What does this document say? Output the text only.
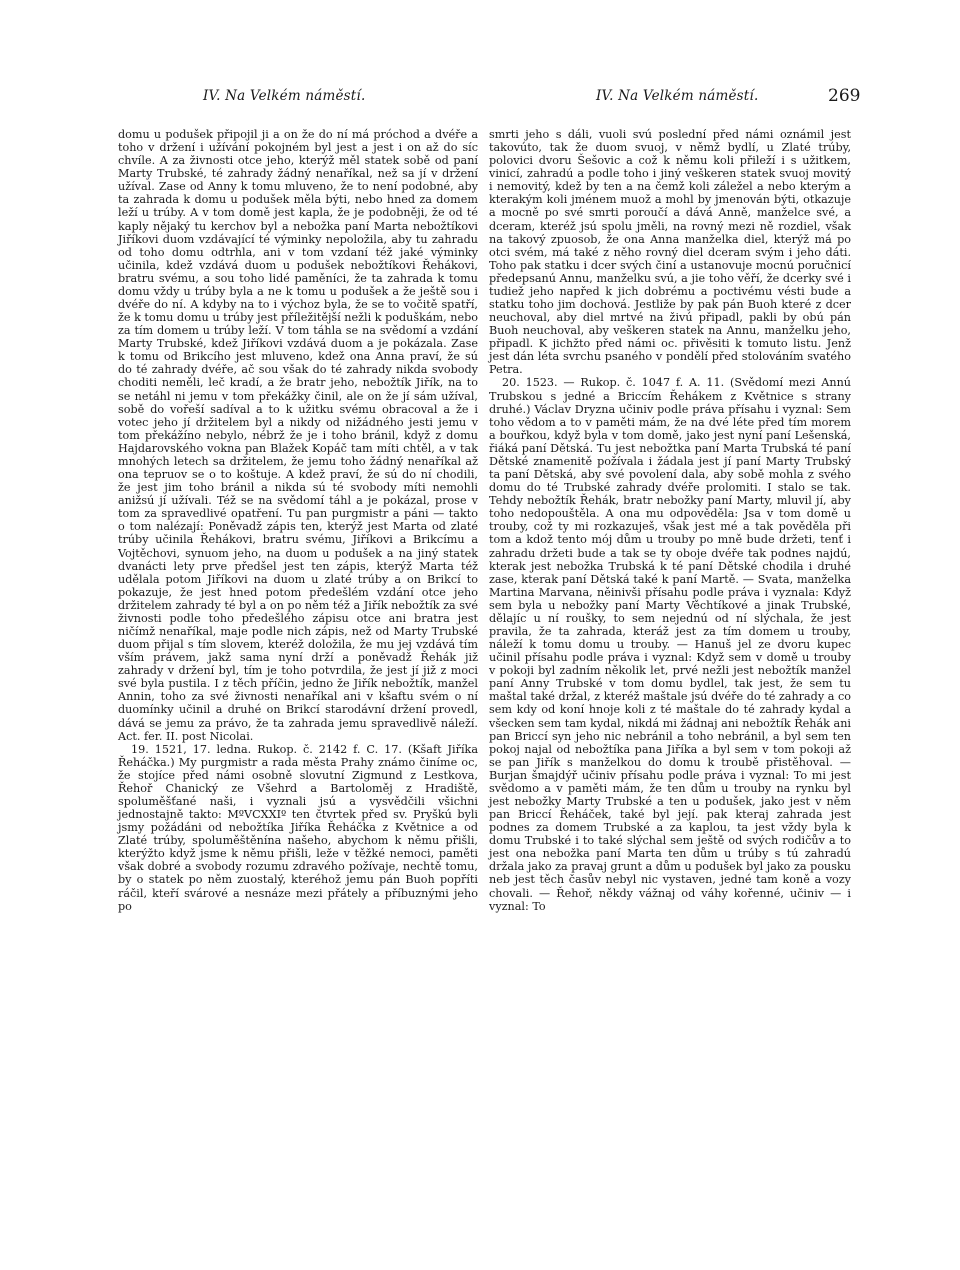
IV. Na Velkém náměstí.	IV. Na Velkém náměstí.	269

domu u podušek připojil ji a on že do ní má próchod a dvéře a toho v držení i užívání pokojném byl jest a jest i on až do síc chvíle. A za živnosti otce jeho, kterýž měl statek sobě od paní Marty Trubské, té zahrady žádný nenaříkal, než sa jí v držení užíval. Zase od Anny k tomu mluveno, že to není podobné, aby ta zahrada k domu u podušek měla býti, nebo hned za domem leží u trúby. A v tom domě jest kapla, že je podobněji, že od té kaply nějaký tu kerchov byl a nebožka paní Marta nebožtíkovi Jiříkovi duom vzdávající té výminky nepoložila, aby tu zahradu od toho domu odtrhla, ani v tom vzdaní též jaké výminky učinila, kdež vzdává duom u podušek nebožtíkovi Řehákovi, bratru svému, a sou toho lidé paměníci, že ta zahrada k tomu domu vždy u trúby byla a ne k tomu u podušek a že ještě sou i dvéře do ní. A kdyby na to i výchoz byla, že se to vočitě spatří, že k tomu domu u trúby jest příležitější nežli k poduškám, nebo za tím domem u trúby leží. V tom táhla se na svědomí a vzdání Marty Trubské, kdež Jiříkovi vzdává duom a je pokázala. Zase k tomu od Brikcího jest mluveno, kdež ona Anna praví, že sú do té zahrady dvéře, ač sou však do té zahrady nikda svobody choditi neměli, leč kradí, a že bratr jeho, nebožtík Jiřík, na to se netáhl ni jemu v tom překážky činil, ale on že jí sám užíval, sobě do vořeší sadíval a to k užitku svému obracoval a že i votec jeho jí držitelem byl a nikdy od nižádného jesti jemu v tom překážíno nebylo, nébrž že je i toho bránil, když z domu Hajdarovského vokna pan Blažek Kopáč tam míti chtěl, a v tak mnohých letech sa držitelem, že jemu toho žádný nenaříkal až ona tepruov se o to koštuje. A kdež praví, že sú do ní chodili, že jest jim toho bránil a nikda sú té svobody míti nemohli anižsú jí užívali. Též se na svědomí táhl a je pokázal, prose v tom za spravedlivé opatření. Tu pan purgmistr a páni — takto o tom nalézají: Poněvadž zápis ten, kterýž jest Marta od zlaté trúby učinila Řehákovi, bratru svému, Jiříkovi a Brikcímu a Vojtěchovi, synuom jeho, na duom u podušek a na jiný statek dvanácti lety prve předšel jest ten zápis, kterýž Marta též udělala potom Jiříkovi na duom u zlaté trúby a on Brikcí to pokazuje, že jest hned potom předešlém vzdání otce jeho držitelem zahrady té byl a on po něm též a Jiřík nebožtík za své živnosti podle toho předešlého zápisu otce ani bratra jest ničímž nenaříkal, maje podle nich zápis, než od Marty Trubské duom přijal s tím slovem, kteréž doložila, že mu jej vzdává tím vším právem, jakž sama nyní drží a poněvadž Řehák již zahrady v držení byl, tím je toho potvrdila, že jest jí již z moci své byla pustila. I z těch příčin, jedno že Jiřík nebožtík, manžel Annin, toho za své živnosti nenaříkal ani v kšaftu svém o ní duomínky učinil a druhé on Brikcí starodávní držení provedl, dává se jemu za právo, že ta zahrada jemu spravedlivě náleží. Act. fer. II. post Nicolai.

19. 1521, 17. ledna. Rukop. č. 2142 f. C. 17. (Kšaft Jiříka Řeháčka.) My purgmistr a rada města Prahy známo činíme oc, že stojíce před námi osobně slovutní Zigmund z Lestkova, Řehoř Chanický ze Všehrd a Bartoloměj z Hradiště, spoluměšťané naši, i vyznali jsú a vysvědčili všichni jednostajně takto: MºVCXXIº ten čtvrtek před sv. Pryškú byli jsmy požádáni od nebožtíka Jiříka Řeháčka z Květnice a od Zlaté trúby, spoluměštěnína našeho, abychom k němu přišli, kterýžto když jsme k němu přišli, leže v těžké nemoci, paměti však dobré a svobody rozumu zdravého požívaje, nechtě tomu, by o statek po něm zuostalý, kteréhož jemu pán Buoh popříti ráčil, kteří svárové a nesnáze mezi přátely a příbuznými jeho po

smrti jeho s dáli, vuoli svú poslední před námi oznámil jest takovúto, tak že duom svuoj, v němž bydlí, u Zlaté trúby, polovici dvoru Šešovic a což k němu koli přileží i s užitkem, vinicí, zahradú a podle toho i jiný veškeren statek svuoj movitý i nemovitý, kdež by ten a na čemž koli záležel a nebo kterým a kterakým koli jménem muož a mohl by jmenován býti, otkazuje a mocně po své smrti poroučí a dává Anně, manželce své, a dceram, kteréž jsú spolu jměli, na rovný mezi ně rozdiel, však na takový zpuosob, že ona Anna manželka diel, kterýž má po otci svém, má také z něho rovný diel dceram svým i jeho dáti. Toho pak statku i dcer svých činí a ustanovuje mocnú poručnicí předepsanú Annu, manželku svú, a jie toho věří, že dcerky své i tudiež jeho napřed k jich dobrému a poctivému vésti bude a statku toho jim dochová. Jestliže by pak pán Buoh které z dcer neuchoval, aby diel mrtvé na živú připadl, pakli by obú pán Buoh neuchoval, aby veškeren statek na Annu, manželku jeho, připadl. K jichžto před námi oc. přivěsiti k tomuto listu. Jenž jest dán léta svrchu psaného v pondělí před stolováním svatého Petra.

20. 1523. — Rukop. č. 1047 f. A. 11. (Svědomí mezi Annú Trubskou s jedné a Briccím Řehákem z Květnice s strany druhé.) Václav Dryzna učiniv podle práva přísahu i vyznal: Sem toho vědom a to v paměti mám, že na dvé léte před tím morem a bouřkou, když byla v tom domě, jako jest nyní paní Lešenská, řiáká paní Dětská. Tu jest nebožtka paní Marta Trubská té paní Dětské znamenitě požívala i žádala jest jí paní Marty Trubský ta paní Dětská, aby své povolení dala, aby sobě mohla z svého domu do té Trubské zahrady dvéře prolomiti. I stalo se tak. Tehdy nebožtík Řehák, bratr nebožky paní Marty, mluvil jí, aby toho nedopouštěla. A ona mu odpověděla: Jsa v tom domě u trouby, což ty mi rozkazuješ, však jest mé a tak pověděla při tom a kdož tento mój dům u trouby po mně bude držeti, tenť i zahradu držeti bude a tak se ty oboje dvéře tak podnes najdú, kterak jest nebožka Trubská k té paní Dětské chodila i druhé zase, kterak paní Dětská také k paní Martě. — Svata, manželka Martina Marvana, něinivši přísahu podle práva i vyznala: Když sem byla u nebožky paní Marty Věchtíkové a jinak Trubské, dělajíc u ní roušky, to sem nejednú od ní slýchala, že jest pravila, že ta zahrada, kteráž jest za tím domem u trouby, náleží k tomu domu u trouby. — Hanuš jel ze dvoru kupec učinil přísahu podle práva i vyznal: Když sem v domě u trouby v pokoji byl zadním několik let, prvé nežli jest nebožtík manžel paní Anny Trubské v tom domu bydlel, tak jest, že sem tu maštal také držal, z kteréž maštale jsú dvéře do té zahrady a co sem kdy od koní hnoje koli z té maštale do té zahrady kydal a všecken sem tam kydal, nikdá mi žádnaj ani nebožtík Řehák ani pan Briccí syn jeho nic nebránil a toho nebránil, a byl sem ten pokoj najal od nebožtíka pana Jiříka a byl sem v tom pokoji až se pan Jiřík s manželkou do domu k troubě přistěhoval. — Burjan šmajdýř učiniv přísahu podle práva i vyznal: To mi jest svědomo a v paměti mám, že ten dům u trouby na rynku byl jest nebožky Marty Trubské a ten u podušek, jako jest v něm pan Briccí Řeháček, také byl její. pak kteraj zahrada jest podnes za domem Trubské a za kaplou, ta jest vždy byla k domu Trubské i to také slýchal sem ještě od svých rodičův a to jest ona nebožka paní Marta ten dům u trúby s tú zahradú držala jako za pravaj grunt a dům u podušek byl jako za pousku neb jest těch časův nebyl nic vystaven, jedné tam koně a vozy chovali. — Řehoř, někdy vážnaj od váhy kořenné, učiniv — i vyznal: To
